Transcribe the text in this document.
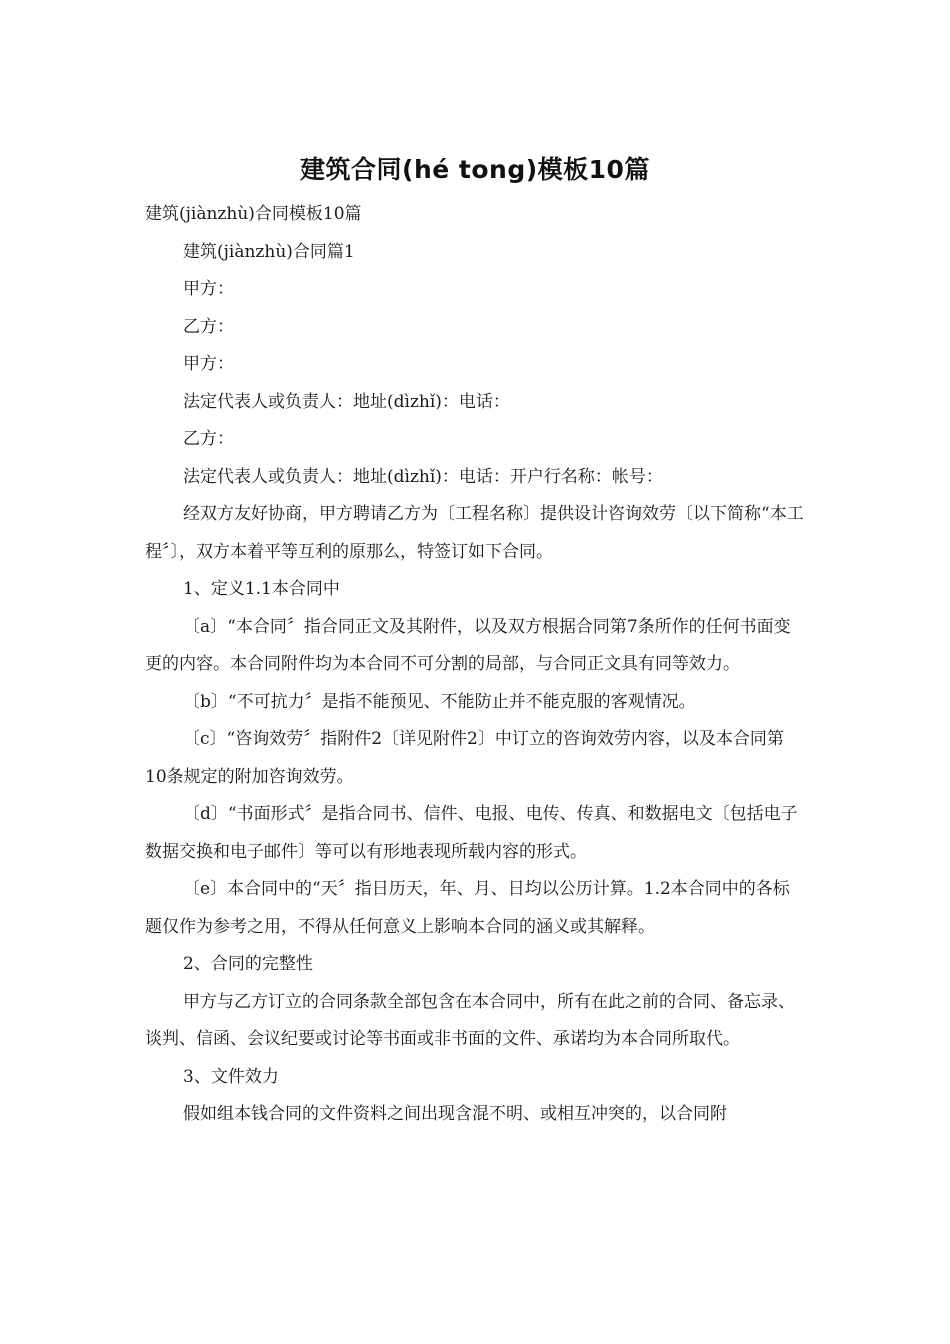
建筑合同(hé tong)模板10篇

建筑(jiànzhù)合同模板10篇

建筑(jiànzhù)合同篇1

甲方：

乙方：

甲方：

法定代表人或负责人：地址(dìzhǐ)：电话：

乙方：

法定代表人或负责人：地址(dìzhǐ)：电话：开户行名称：帐号：

经双方友好协商，甲方聘请乙方为〔工程名称〕提供设计咨询效劳〔以下简称“本工程〞〕，双方本着平等互利的原那么，特签订如下合同。

1、定义1.1本合同中

〔a〕“本合同〞指合同正文及其附件，以及双方根据合同第7条所作的任何书面变更的内容。本合同附件均为本合同不可分割的局部，与合同正文具有同等效力。

〔b〕“不可抗力〞是指不能预见、不能防止并不能克服的客观情况。

〔c〕“咨询效劳〞指附件2〔详见附件2〕中订立的咨询效劳内容，以及本合同第10条规定的附加咨询效劳。

〔d〕“书面形式〞是指合同书、信件、电报、电传、传真、和数据电文〔包括电子数据交换和电子邮件〕等可以有形地表现所载内容的形式。

〔e〕本合同中的“天〞指日历天，年、月、日均以公历计算。1.2本合同中的各标题仅作为参考之用，不得从任何意义上影响本合同的涵义或其解释。

2、合同的完整性

甲方与乙方订立的合同条款全部包含在本合同中，所有在此之前的合同、备忘录、谈判、信函、会议纪要或讨论等书面或非书面的文件、承诺均为本合同所取代。

3、文件效力

假如组本钱合同的文件资料之间出现含混不明、或相互冲突的，以合同附
